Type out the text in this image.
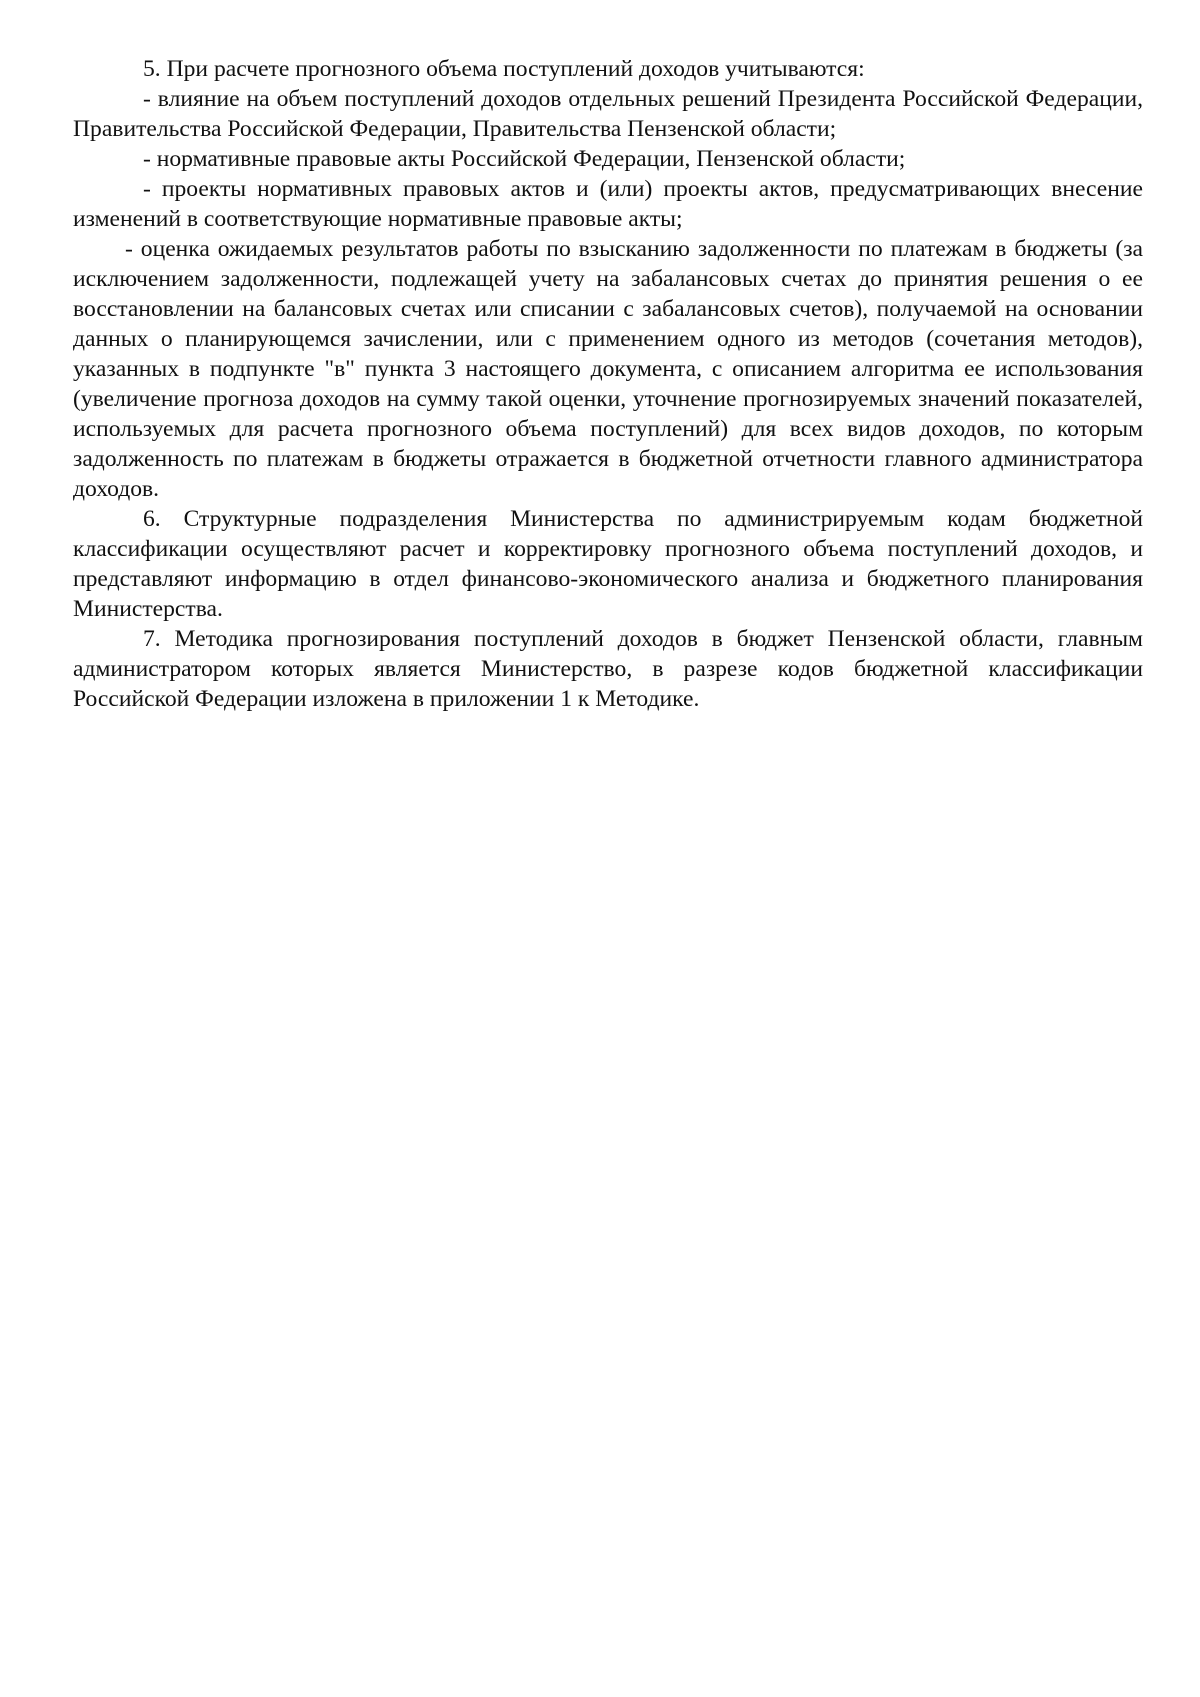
5. При расчете прогнозного объема поступлений доходов учитываются:

- влияние на объем поступлений доходов отдельных решений Президента Российской Федерации, Правительства Российской Федерации, Правительства Пензенской области;

- нормативные правовые акты Российской Федерации, Пензенской области;

- проекты нормативных правовых актов и (или) проекты актов, предусматривающих внесение изменений в соответствующие нормативные правовые акты;

- оценка ожидаемых результатов работы по взысканию задолженности по платежам в бюджеты (за исключением задолженности, подлежащей учету на забалансовых счетах до принятия решения о ее восстановлении на балансовых счетах или списании с забалансовых счетов), получаемой на основании данных о планирующемся зачислении, или с применением одного из методов (сочетания методов), указанных в подпункте "в" пункта 3 настоящего документа, с описанием алгоритма ее использования (увеличение прогноза доходов на сумму такой оценки, уточнение прогнозируемых значений показателей, используемых для расчета прогнозного объема поступлений) для всех видов доходов, по которым задолженность по платежам в бюджеты отражается в бюджетной отчетности главного администратора доходов.

6. Структурные подразделения Министерства по администрируемым кодам бюджетной классификации осуществляют расчет и корректировку прогнозного объема поступлений доходов, и представляют информацию в отдел финансово-экономического анализа и бюджетного планирования Министерства.

7. Методика прогнозирования поступлений доходов в бюджет Пензенской области, главным администратором которых является Министерство, в разрезе кодов бюджетной классификации Российской Федерации изложена в приложении 1 к Методике.
